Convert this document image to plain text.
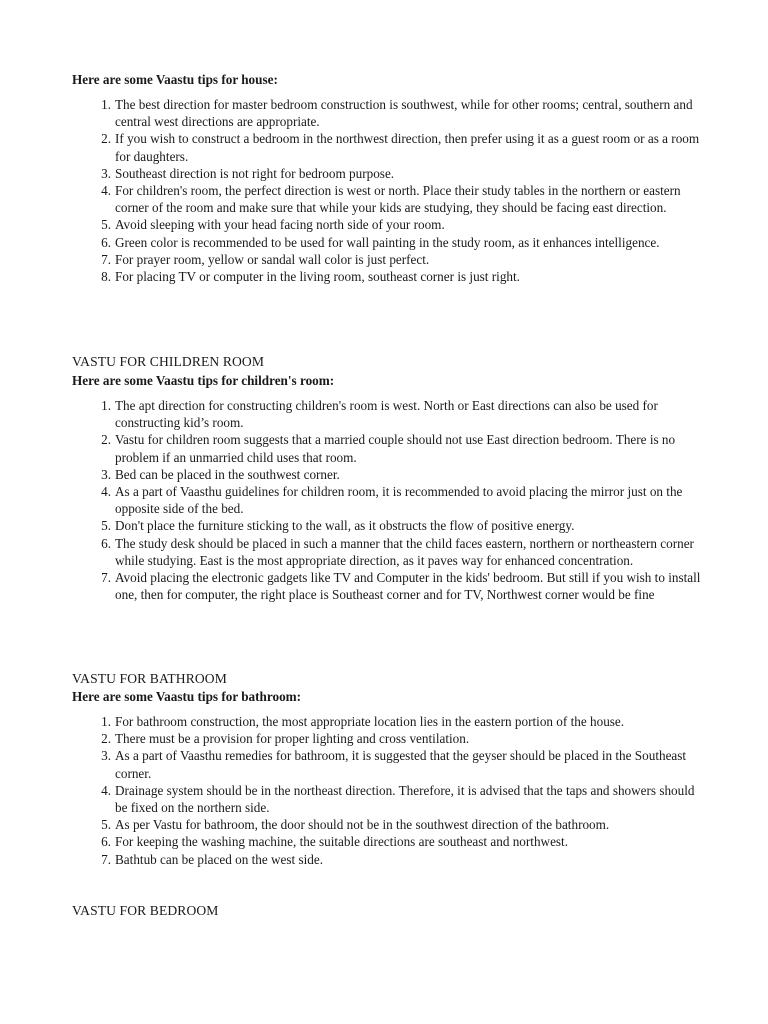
Here are some Vaastu tips for house:

1. The best direction for master bedroom construction is southwest, while for other rooms; central, southern and central west directions are appropriate.
2. If you wish to construct a bedroom in the northwest direction, then prefer using it as a guest room or as a room for daughters.
3. Southeast direction is not right for bedroom purpose.
4. For children's room, the perfect direction is west or north. Place their study tables in the northern or eastern corner of the room and make sure that while your kids are studying, they should be facing east direction.
5. Avoid sleeping with your head facing north side of your room.
6. Green color is recommended to be used for wall painting in the study room, as it enhances intelligence.
7. For prayer room, yellow or sandal wall color is just perfect.
8. For placing TV or computer in the living room, southeast corner is just right.
VASTU FOR CHILDREN ROOM

Here are some Vaastu tips for children's room:

1. The apt direction for constructing children's room is west. North or East directions can also be used for constructing kid’s room.
2. Vastu for children room suggests that a married couple should not use East direction bedroom. There is no problem if an unmarried child uses that room.
3. Bed can be placed in the southwest corner.
4. As a part of Vaasthu guidelines for children room, it is recommended to avoid placing the mirror just on the opposite side of the bed.
5. Don't place the furniture sticking to the wall, as it obstructs the flow of positive energy.
6. The study desk should be placed in such a manner that the child faces eastern, northern or northeastern corner while studying. East is the most appropriate direction, as it paves way for enhanced concentration.
7. Avoid placing the electronic gadgets like TV and Computer in the kids' bedroom. But still if you wish to install one, then for computer, the right place is Southeast corner and for TV, Northwest corner would be fine
VASTU FOR BATHROOM

Here are some Vaastu tips for bathroom:

1. For bathroom construction, the most appropriate location lies in the eastern portion of the house.
2. There must be a provision for proper lighting and cross ventilation.
3. As a part of Vaasthu remedies for bathroom, it is suggested that the geyser should be placed in the Southeast corner.
4. Drainage system should be in the northeast direction. Therefore, it is advised that the taps and showers should be fixed on the northern side.
5. As per Vastu for bathroom, the door should not be in the southwest direction of the bathroom.
6. For keeping the washing machine, the suitable directions are southeast and northwest.
7. Bathtub can be placed on the west side.
VASTU FOR BEDROOM
